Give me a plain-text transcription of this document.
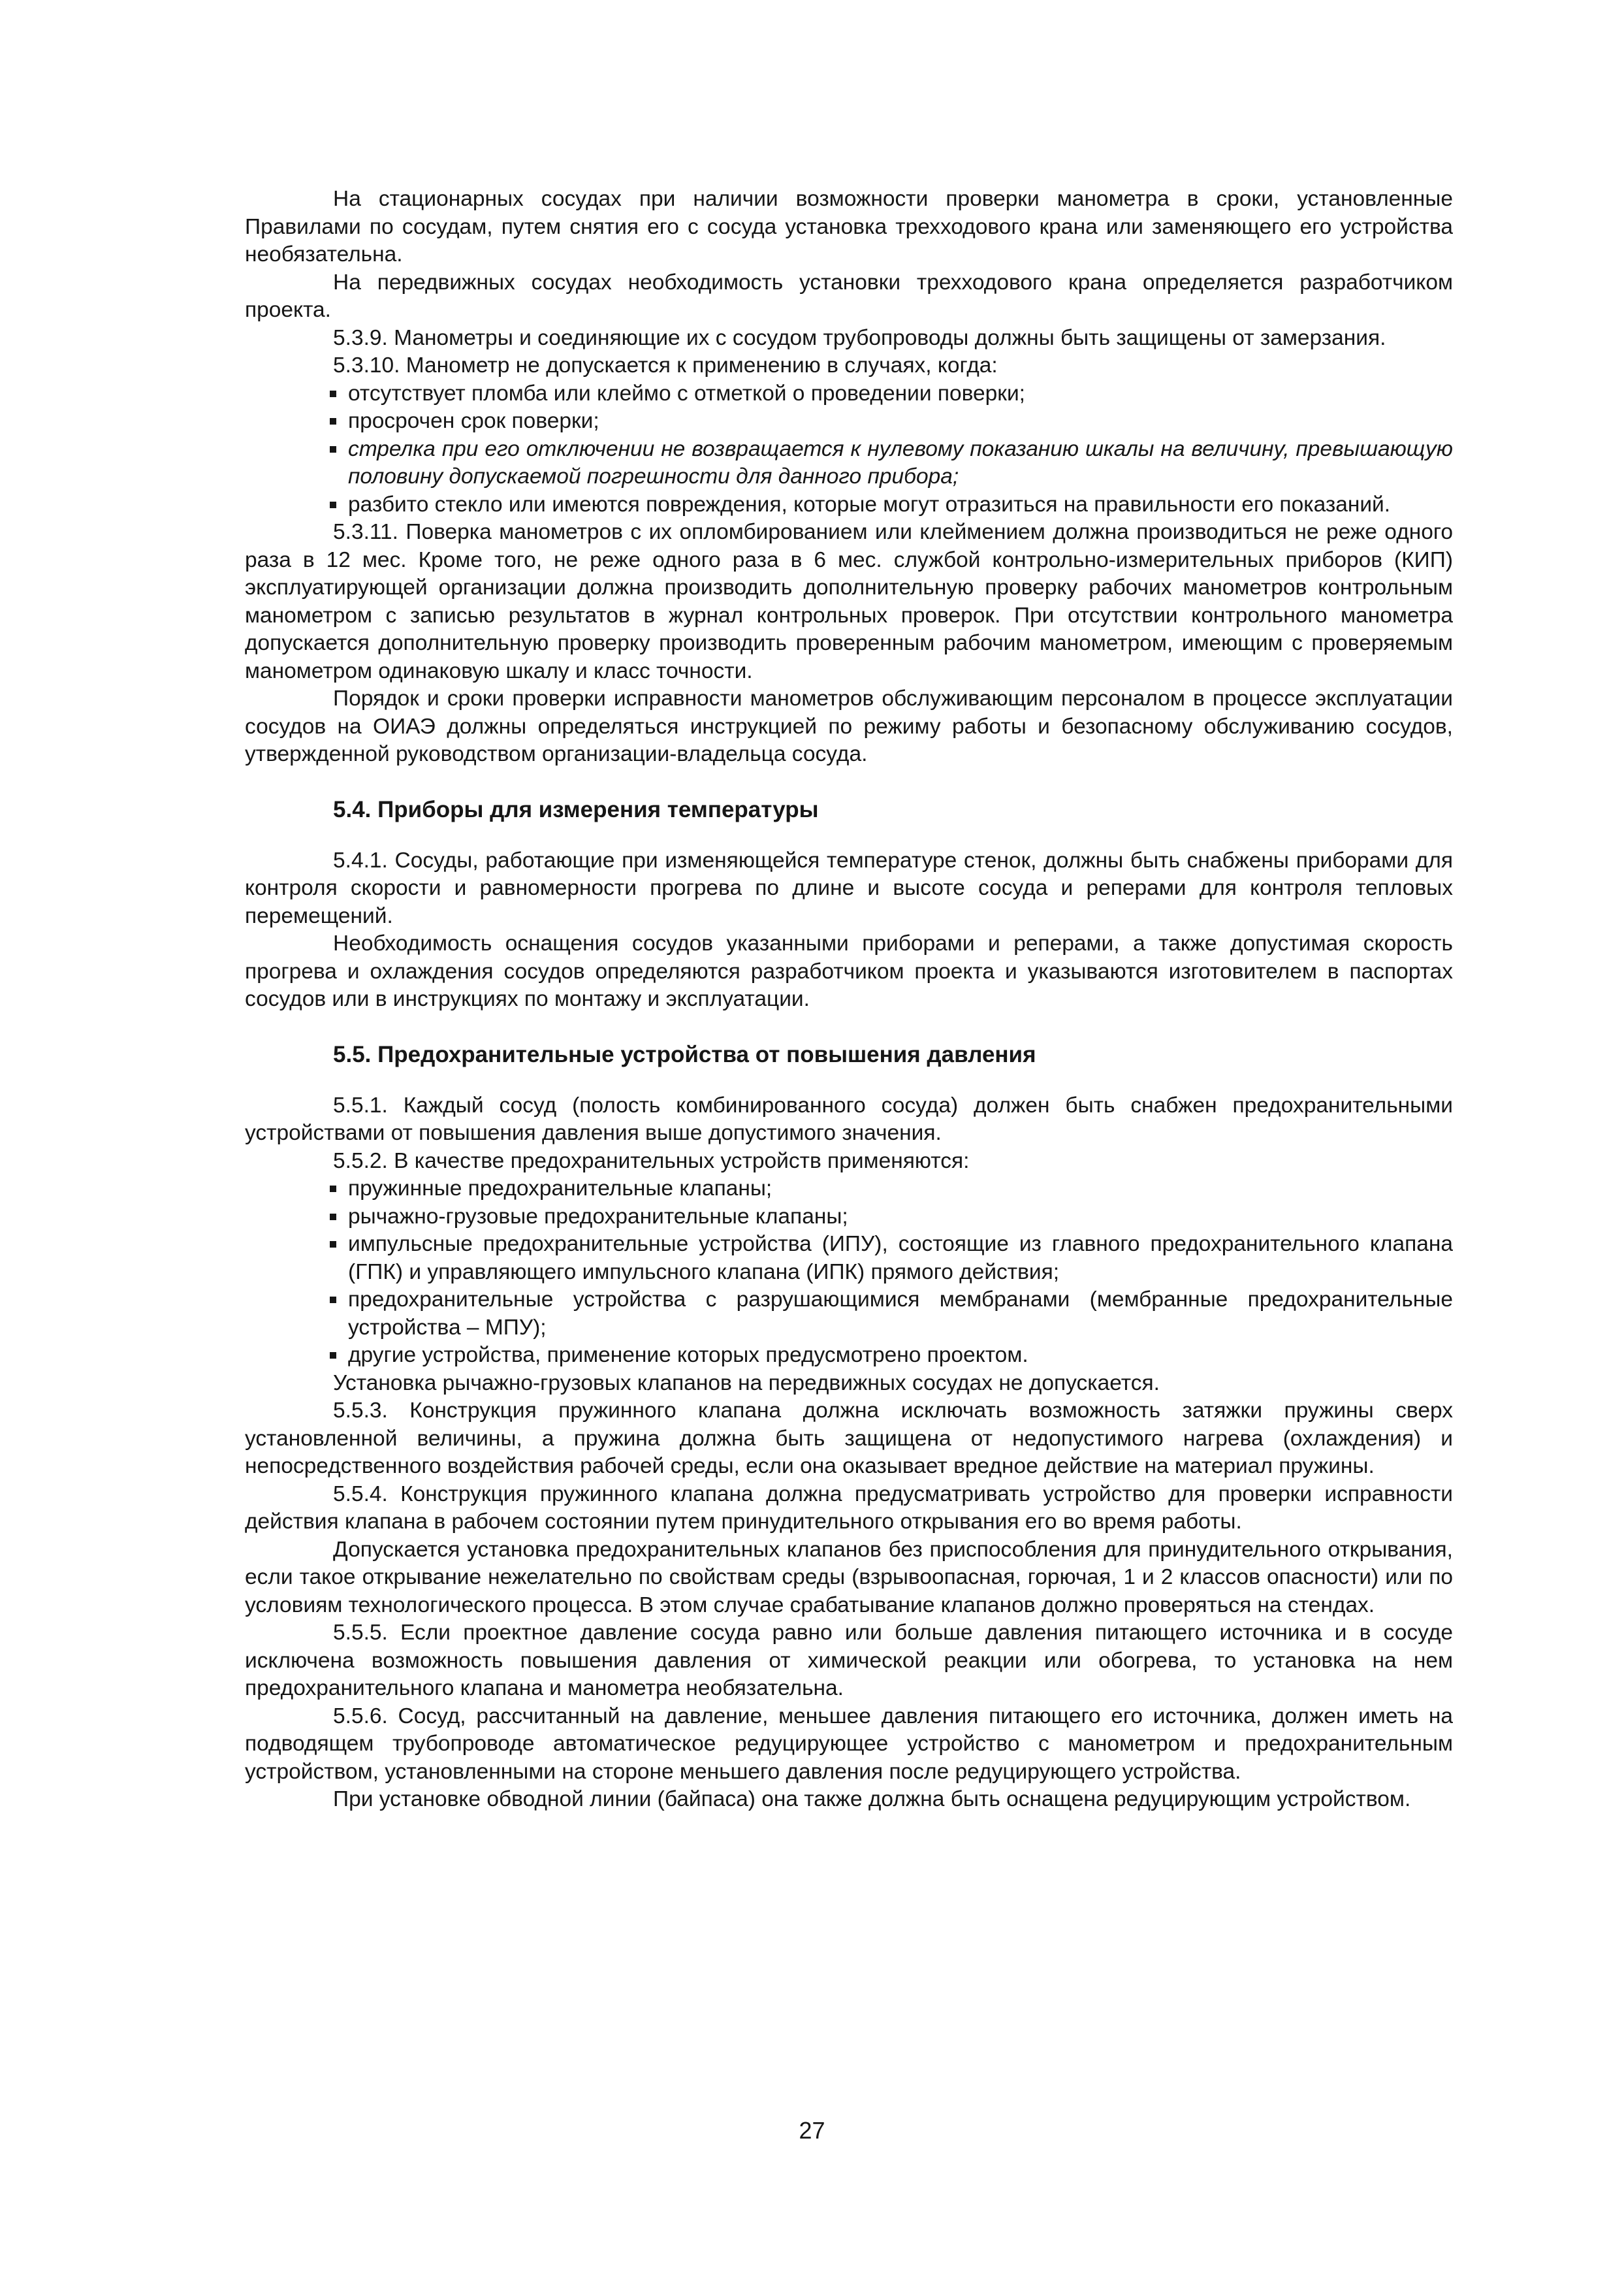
На стационарных сосудах при наличии возможности проверки манометра в сроки, установленные Правилами по сосудам, путем снятия его с сосуда установка трехходового крана или заменяющего его устройства необязательна.

На передвижных сосудах необходимость установки трехходового крана определяется разработчиком проекта.

5.3.9. Манометры и соединяющие их с сосудом трубопроводы должны быть защищены от замерзания.

5.3.10. Манометр не допускается к применению в случаях, когда:

отсутствует пломба или клеймо с отметкой о проведении поверки;
просрочен срок поверки;
стрелка при его отключении не возвращается к нулевому показанию шкалы на величину, превышающую половину допускаемой погрешности для данного прибора;
разбито стекло или имеются повреждения, которые могут отразиться на правильности его показаний.

5.3.11. Поверка манометров с их опломбированием или клеймением должна производиться не реже одного раза в 12 мес. Кроме того, не реже одного раза в 6 мес. службой контрольно-измерительных приборов (КИП) эксплуатирующей организации должна производить дополнительную проверку рабочих манометров контрольным манометром с записью результатов в журнал контрольных проверок. При отсутствии контрольного манометра допускается дополнительную проверку производить проверенным рабочим манометром, имеющим с проверяемым манометром одинаковую шкалу и класс точности.

Порядок и сроки проверки исправности манометров обслуживающим персоналом в процессе эксплуатации сосудов на ОИАЭ должны определяться инструкцией по режиму работы и безопасному обслуживанию сосудов, утвержденной руководством организации-владельца сосуда.

5.4. Приборы для измерения температуры

5.4.1. Сосуды, работающие при изменяющейся температуре стенок, должны быть снабжены приборами для контроля скорости и равномерности прогрева по длине и высоте сосуда и реперами для контроля тепловых перемещений.

Необходимость оснащения сосудов указанными приборами и реперами, а также допустимая скорость прогрева и охлаждения сосудов определяются разработчиком проекта и указываются изготовителем в паспортах сосудов или в инструкциях по монтажу и эксплуатации.

5.5. Предохранительные устройства от повышения давления

5.5.1. Каждый сосуд (полость комбинированного сосуда) должен быть снабжен предохранительными устройствами от повышения давления выше допустимого значения.

5.5.2. В качестве предохранительных устройств применяются:

пружинные предохранительные клапаны;
рычажно-грузовые предохранительные клапаны;
импульсные предохранительные устройства (ИПУ), состоящие из главного предохранительного клапана (ГПК) и управляющего импульсного клапана (ИПК) прямого действия;
предохранительные устройства с разрушающимися мембранами (мембранные предохранительные устройства – МПУ);
другие устройства, применение которых предусмотрено проектом.

Установка рычажно-грузовых клапанов на передвижных сосудах не допускается.

5.5.3. Конструкция пружинного клапана должна исключать возможность затяжки пружины сверх установленной величины, а пружина должна быть защищена от недопустимого нагрева (охлаждения) и непосредственного воздействия рабочей среды, если она оказывает вредное действие на материал пружины.

5.5.4. Конструкция пружинного клапана должна предусматривать устройство для проверки исправности действия клапана в рабочем состоянии путем принудительного открывания его во время работы.

Допускается установка предохранительных клапанов без приспособления для принудительного открывания, если такое открывание нежелательно по свойствам среды (взрывоопасная, горючая, 1 и 2 классов опасности) или по условиям технологического процесса. В этом случае срабатывание клапанов должно проверяться на стендах.

5.5.5. Если проектное давление сосуда равно или больше давления питающего источника и в сосуде исключена возможность повышения давления от химической реакции или обогрева, то установка на нем предохранительного клапана и манометра необязательна.

5.5.6. Сосуд, рассчитанный на давление, меньшее давления питающего его источника, должен иметь на подводящем трубопроводе автоматическое редуцирующее устройство с манометром и предохранительным устройством, установленными на стороне меньшего давления после редуцирующего устройства.

При установке обводной линии (байпаса) она также должна быть оснащена редуцирующим устройством.

27
